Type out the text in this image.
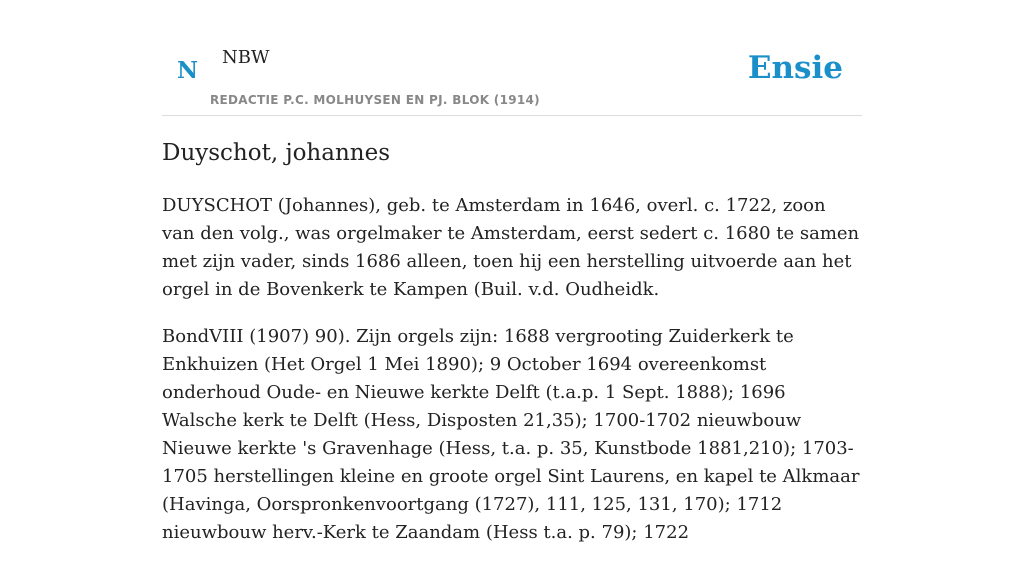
N NBW
REDACTIE P.C. MOLHUYSEN EN PJ. BLOK (1914)
Ensie
Duyschot, johannes

DUYSCHOT (Johannes), geb. te Amsterdam in 1646, overl. c. 1722, zoon van den volg., was orgelmaker te Amsterdam, eerst sedert c. 1680 te samen met zijn vader, sinds 1686 alleen, toen hij een herstelling uitvoerde aan het orgel in de Bovenkerk te Kampen (Buil. v.d. Oudheidk.

BondVIII (1907) 90). Zijn orgels zijn: 1688 vergrooting Zuiderkerk te Enkhuizen (Het Orgel 1 Mei 1890); 9 October 1694 overeenkomst onderhoud Oude- en Nieuwe kerkte Delft (t.a.p. 1 Sept. 1888); 1696 Walsche kerk te Delft (Hess, Disposten 21,35); 1700-1702 nieuwbouw Nieuwe kerkte 's Gravenhage (Hess, t.a. p. 35, Kunstbode 1881,210); 1703-1705 herstellingen kleine en groote orgel Sint Laurens, en kapel te Alkmaar (Havinga, Oorspronkenvoortgang (1727), 111, 125, 131, 170); 1712 nieuwbouw herv.-Kerk te Zaandam (Hess t.a. p. 79); 1722
